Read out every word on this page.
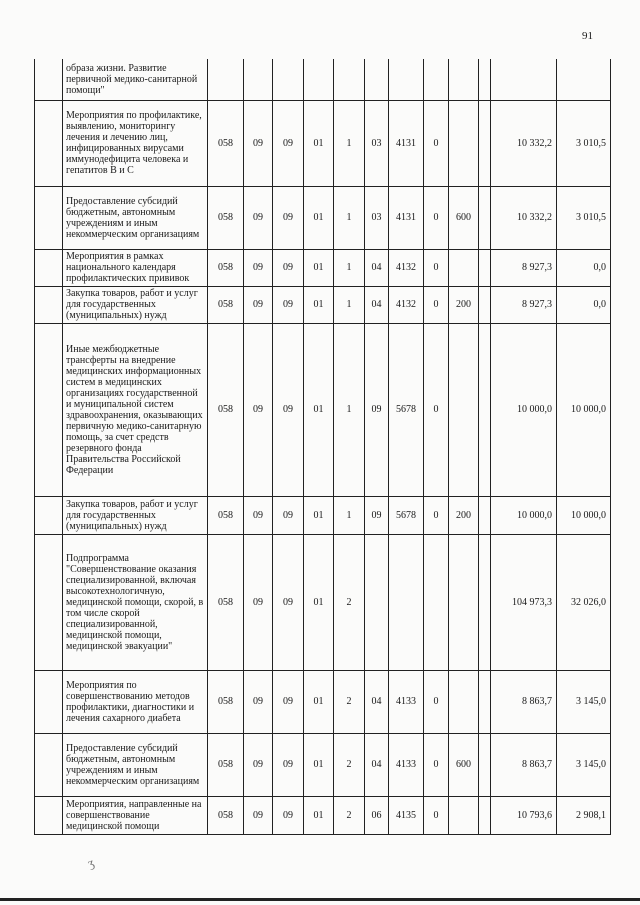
91
	образа жизни. Развитие первичной медико-санитарной помощи"												
	Мероприятия по профилактике, выявлению, мониторингу лечения и лечению лиц, инфицированных вирусами иммунодефицита человека и гепатитов В и С	058	09	09	01	1	03	4131	0			10 332,2	3 010,5
	Предоставление субсидий бюджетным, автономным учреждениям и иным некоммерческим организациям	058	09	09	01	1	03	4131	0	600		10 332,2	3 010,5
	Мероприятия в рамках национального календаря профилактических прививок	058	09	09	01	1	04	4132	0			8 927,3	0,0
	Закупка товаров, работ и услуг для государственных (муниципальных) нужд	058	09	09	01	1	04	4132	0	200		8 927,3	0,0
	Иные межбюджетные трансферты на внедрение медицинских информационных систем в медицинских организациях государственной и муниципальной систем здравоохранения, оказывающих первичную медико-санитарную помощь, за счет средств резервного фонда Правительства Российской Федерации	058	09	09	01	1	09	5678	0			10 000,0	10 000,0
	Закупка товаров, работ и услуг для государственных (муниципальных) нужд	058	09	09	01	1	09	5678	0	200		10 000,0	10 000,0
	Подпрограмма "Совершенствование оказания специализированной, включая высокотехнологичную, медицинской помощи, скорой, в том числе скорой специализированной, медицинской помощи, медицинской эвакуации"	058	09	09	01	2						104 973,3	32 026,0
	Мероприятия по совершенствованию методов профилактики, диагностики и лечения сахарного диабета	058	09	09	01	2	04	4133	0			8 863,7	3 145,0
	Предоставление субсидий бюджетным, автономным учреждениям и иным некоммерческим организациям	058	09	09	01	2	04	4133	0	600		8 863,7	3 145,0
	Мероприятия, направленные на совершенствование медицинской помощи	058	09	09	01	2	06	4135	0			10 793,6	2 908,1
ʒ
